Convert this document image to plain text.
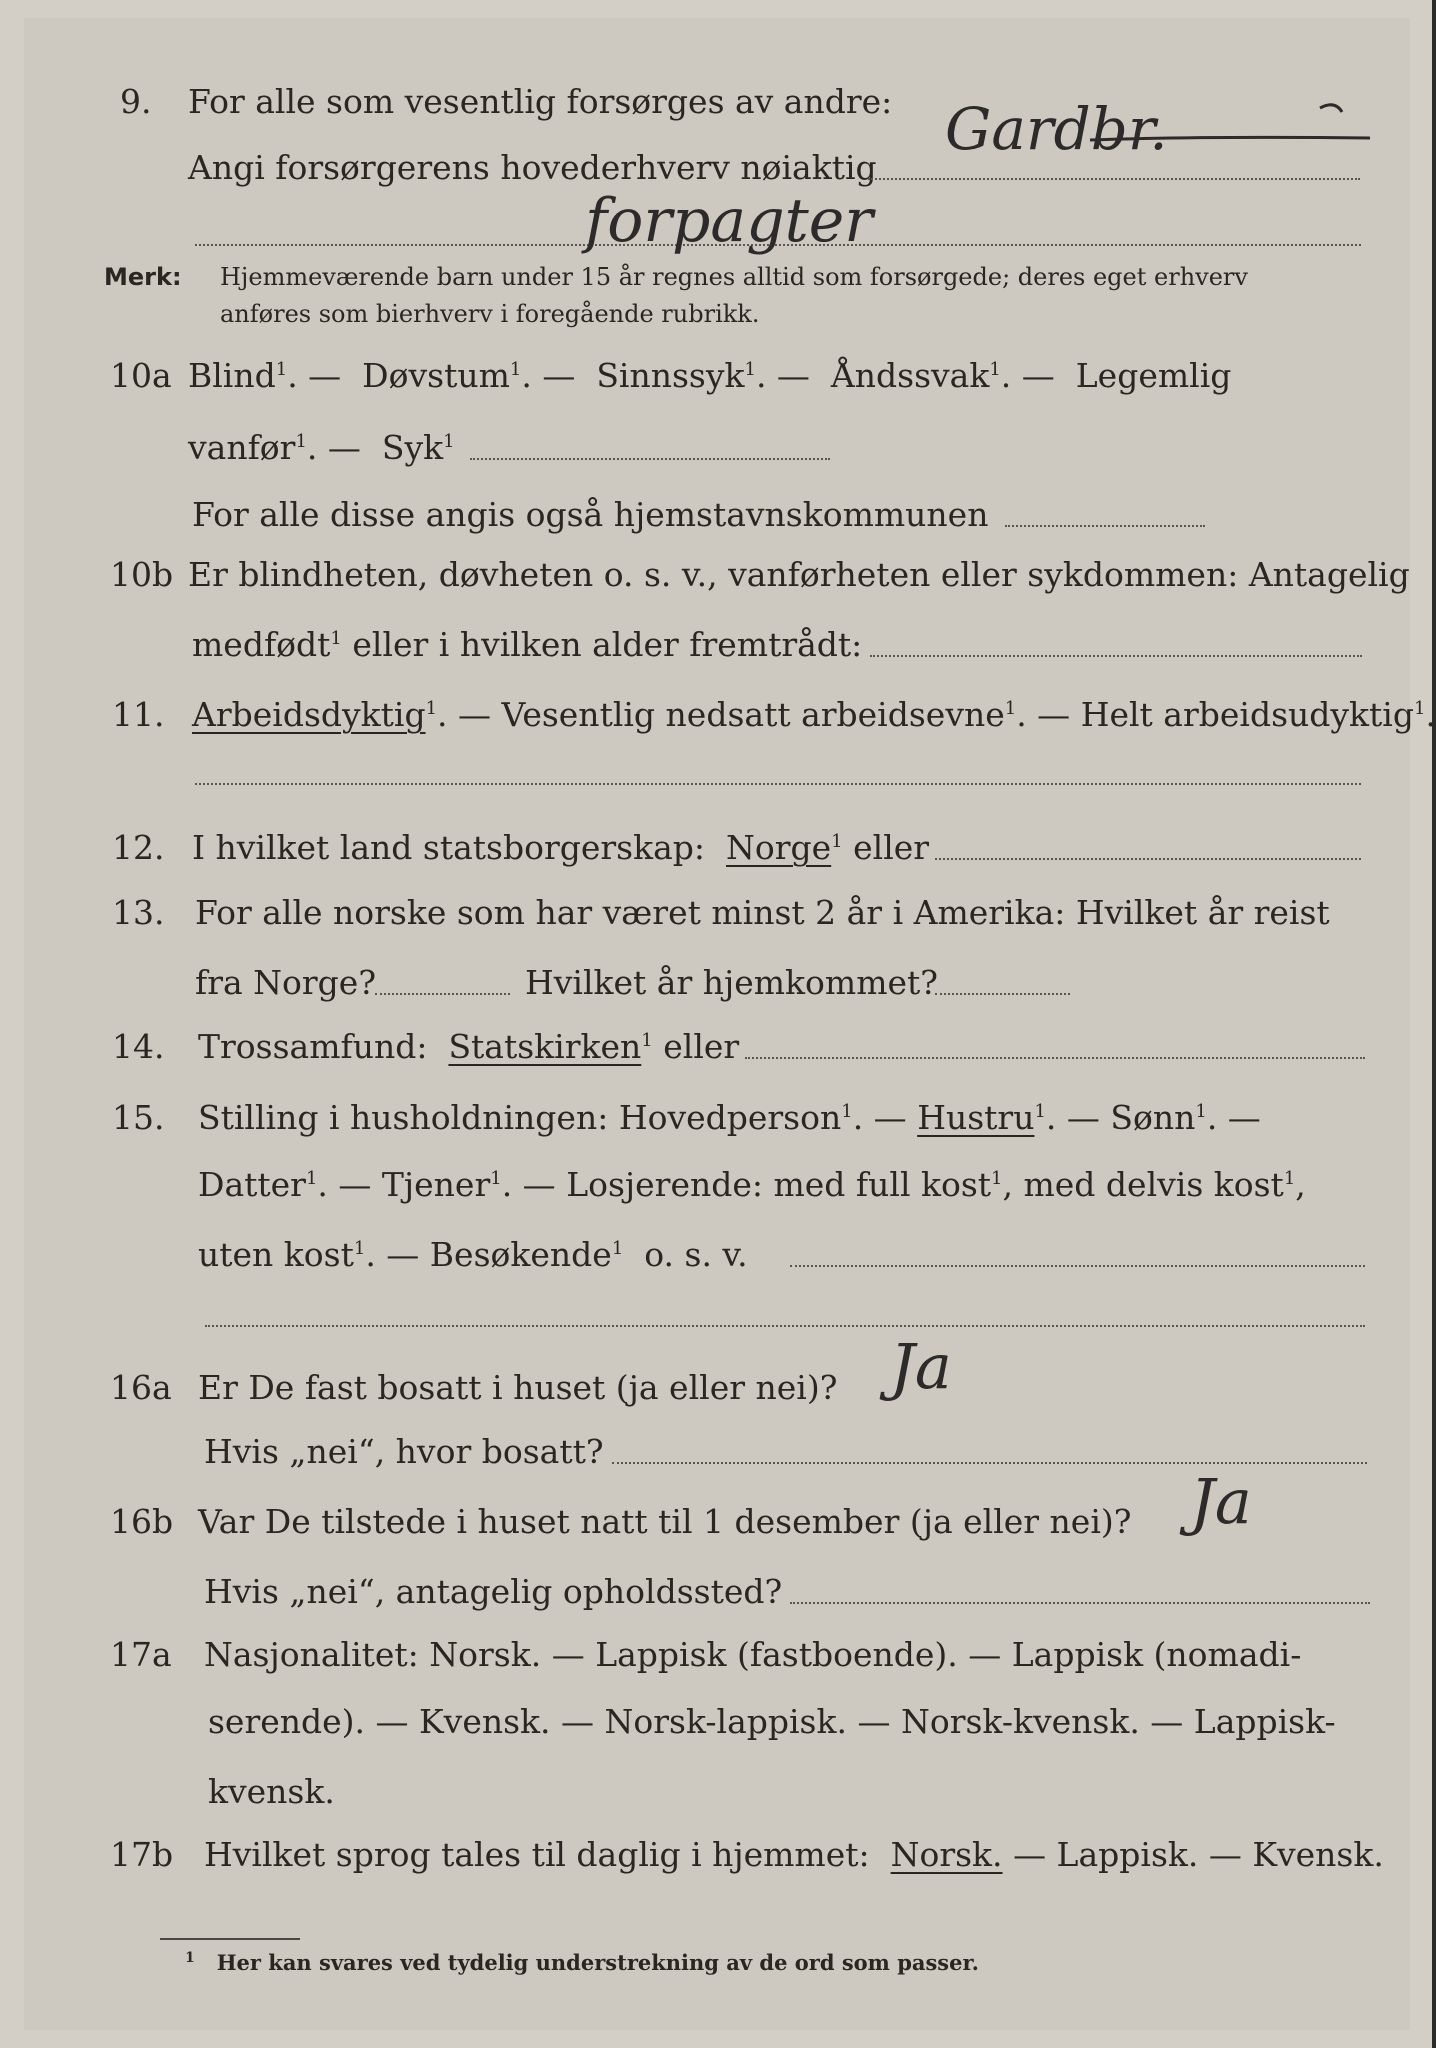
9. For alle som vesentlig forsørges av andre:
Angi forsørgerens hovederhverv nøiaktig
Gardbr.
forpagter
Merk: Hjemmeværende barn under 15 år regnes alltid som forsørgede; deres eget erhverv
anføres som bierhverv i foregående rubrikk.
10a Blind$^1$. — Døvstum$^1$. — Sinnssyk$^1$. — Åndssvak$^1$. — Legemlig
vanfør$^1$. — Syk$^1$
For alle disse angis også hjemstavnskommunen
10b Er blindheten, døvheten o. s. v., vanførheten eller sykdommen: Antagelig
medfødt$^1$ eller i hvilken alder fremtrådt:
11. Arbeidsdyktig$^1$. — Vesentlig nedsatt arbeidsevne$^1$. — Helt arbeidsudyktig$^1$.
12. I hvilket land statsborgerskap: Norge$^1$ eller
13. For alle norske som har været minst 2 år i Amerika: Hvilket år reist
fra Norge?	Hvilket år hjemkommet?
14. Trossamfund: Statskirken$^1$ eller
15. Stilling i husholdningen: Hovedperson$^1$. — Hustru$^1$. — Sønn$^1$. —
Datter$^1$. — Tjener$^1$. — Losjerende: med full kost$^1$, med delvis kost$^1$,
uten kost$^1$. — Besøkende$^1$ o. s. v.
16a Er De fast bosatt i huset (ja eller nei)? Ja
Hvis „nei“, hvor bosatt?
16b Var De tilstede i huset natt til 1 desember (ja eller nei)? Ja
Hvis „nei“, antagelig opholdssted?
17a Nasjonalitet: Norsk. — Lappisk (fastboende). — Lappisk (nomadi-
serende). — Kvensk. — Norsk-lappisk. — Norsk-kvensk. — Lappisk-
kvensk.
17b Hvilket sprog tales til daglig i hjemmet: Norsk. — Lappisk. — Kvensk.
$^1$ Her kan svares ved tydelig understrekning av de ord som passer.
